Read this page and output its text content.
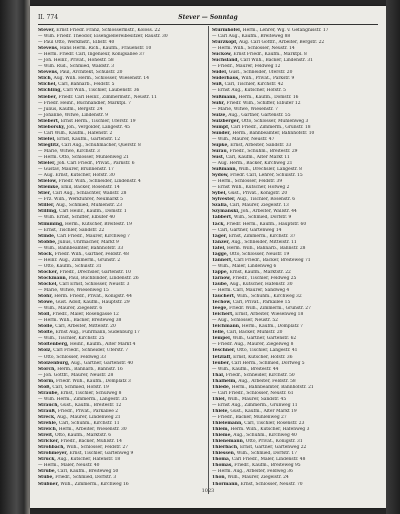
II. 774	Stever — Sonntag

Stever, Ernst Friedr. Franz, Schlossermstr., Koloss. 22

— Wilh. Friedr. Theodor, Eisengießereibesitzer, Raustr. 30

— Paul Otto, Werkmstr., Elbstr. 40

Stevens, Hans Herm. Rich., Kaufm., Frauenstr. 10

— Herm. Friedr. Carl, Ingenieur, Königsallee 37

— Joh. Heinr., Privat., Hohestr. 58

— Wilh. Rud., Schmied, Waldstr. 3

Stevens, Paul, Architekt, Schulstr. 20

Stich, Aug. Wilh. Herm., Schlosser, Wiesenstr. 14

Stichel, Carl, Bahnarb., Feldstr. 5

Stichling, Carl Wilh., Tischler, Laubenstr. 36

Stieber, Friedr. Carl Heinr., Zimmermstr., Neustr. 11

— Friedr. Heinr., Buchhändler, Marktpl. 7

— Julius, Kaufm., Bergstr. 24

— Johanne, Witwe, Lindenstr. 9

Stiebert, Ernst Herm., Tischler, Uferstr. 19

Stieborsky, Joh., Vergolder, Langestr. 45

— Carl Wilh., Kaufm., Hafenstr. 2

Stiefel, Ernst, Kaufm., Gartenstr. 12

Stieglitz, Carl Aug., Schuhmacher, Querstr. 8

— Marie, Witwe, Kirchstr. 3

— Herm. Otto, Schlosser, Mühlenweg 21

Stieler, Joh. Carl Friedr., Privat., Parkstr. 6

— Gustav, Maurer, Brunnenstr. 17

— Aug. Ernst, Kutscher, Hofstr. 30

Stielow, Friedr. Wilh., Schneider, Lindenstr. 4

Stiemke, Emil, Bäcker, Rosenstr. 14

Stier, Carl Aug., Schlachter, Wallstr. 28

— Frz. Wilh., Werkführer, Neumarkt 5

Stiller, Aug., Schmied, Mühlenstr. 23

Stilling, Carl Heinr., Kaufm., Domstr. 1

— Wilh. Ernst, Schiffer, Elbufer 40

Stimming, Herm., Kutscher, Breitestr. 19

— Ernst, Tischler, Sandstr. 22

Stinde, Carl Friedr., Maurer, Kirchweg 7

Stobbe, Julius, Uhrmacher, Markt 9

— Wilh., Bahnbeamter, Bahnhofstr. 33

Stock, Friedr. Wilh., Gärtner, Feldstr. 48

— Heinr. Aug., Zimmerm., Grünstr. 2

— Otto, Kaufm., Schulstr. 31

Stocker, Friedr., Drechsler, Gartenstr. 10

Stockmann, Paul, Buchbinder, Lindenstr. 26

Stöckel, Carl Ernst, Schlosser, Neustr. 3

— Marie, Witwe, Wiesenweg 15

Stöhr, Herm. Friedr., Privat., Königstr. 44

Stöwe, Gust. Adolf, Kaufm., Hauptstr. 29

— Wilh., Maurer, Ziegelstr. 6

Stoll, Friedr., Maler, Rosengasse 12

— Herm. Wilh., Bäcker, Breiteweg 38

Stolle, Carl, Arbeiter, Mittelstr. 20

Stolte, Ernst Aug., Fuhrmann, Sudenburg 17

— Wilh., Tischler, Kirchstr. 25

Stoltenberg, Heinr., Kaufm., Alter Markt 4

Stolz, Carl Friedr., Schneider, Uferstr. 7

— Otto, Schlosser, Feldweg 33

Stolzenburg, Aug., Gärtner, Gartenstr. 40

Storch, Herm., Bahnarb., Bahnstr. 16

— Joh. Gottfr., Maurer, Neustr. 28

Storm, Friedr. Wilh., Kaufm., Domplatz 3

Stoß, Carl, Schmied, Hofstr. 19

Straube, Ernst, Tischler, Schulweg 8

— Wilh. Herm., Zimmerm., Langestr. 35

Strauch, Gust., Kaufm., Breitestr. 12

Strauß, Friedr., Privat., Parkallee 2

Streck, Aug., Maurer, Lindenweg 21

Strehle, Carl, Schuhm., Kirchstr. 11

Streich, Herm., Arbeiter, Wiesenstr. 30

Streit, Otto, Kaufm., Marktstr. 6

Stricker, Friedr., Bäcker, Mühlstr. 14

Strohbach, Wilh., Schlosser, Feldstr. 27

Strohmeyer, Ernst, Tischler, Gartenweg 9

Struck, Aug., Kutscher, Hafenstr. 18

— Herm., Maler, Neustr. 40

Strube, Carl, Kaufm., Breiteweg 50

Stübe, Friedr., Schmied, Dorfstr. 3

Stübner, Wilh., Zimmerm., Kirchweg 16

Sturmhöfel, Herm., Lehrer, Wg. v. Gefängnisstr. 17

— Carl Aug., Kaufm., Breiteweg 88

Sturzkopf, Aug. Carl Gottfr., Arbeiter, Bergstr. 22

— Herm. Wilh., Schlosser, Neustr. 14

Suckow, Ernst Friedr., Kaufm., Marktpl. 8

Suchsland, Carl Wilh., Bäcker, Lindenstr. 31

— Friedr., Maurer, Feldweg 12

Südel, Gust., Schneider, Uferstr. 20

Süderhaus, Wilh., Privat., Parkstr. 9

Süß, Carl, Tischler, Kirchstr. 42

— Ernst Aug., Kutscher, Hofstr. 5

Süßmann, Herm., Kaufm., Domstr. 16

Suhr, Friedr. Wilh., Schiffer, Elbufer 12

— Marie, Witwe, Wiesenstr. 7

Sulze, Aug., Gärtner, Gartenstr. 55

Sulzberger, Otto, Schlosser, Mühlenweg 3

Sumpf, Carl Friedr., Zimmerm., Grünstr. 18

Sunder, Herm., Bahnbeamter, Bahnhofstr. 10

— Wilh., Maurer, Neustr. 47

Supke, Ernst, Arbeiter, Sandstr. 33

Surau, Friedr., Schuhm., Breitestr. 29

Sust, Carl, Kaufm., Alter Markt 11

— Aug. Herm., Bäcker, Kirchweg 21

Sußmann, Wilh., Drechsler, Langestr. 8

Sydow, Friedr. Carl, Lehrer, Schulstr. 15

— Herm., Schlosser, Feldstr. 39

— Ernst Wilh., Kutscher, Hofweg 2

Sybel, Gust., Privat., Königstr. 20

Sylvester, Aug., Tischler, Rosenstr. 6

Szalla, Carl, Maurer, Ziegelstr. 13

Szymanski, Joh., Arbeiter, Wallstr. 44

Tabbert, Wilh., Schmied, Dorfstr. 9

Tack, Friedr. Herm., Kaufm., Hauptstr. 60

— Carl, Gärtner, Gartenweg 14

Täger, Ernst, Zimmerm., Kirchstr. 37

Tänzer, Aug., Schneider, Mittelstr. 11

Tafel, Herm. Wilh., Bahnarb., Bahnstr. 28

Tagge, Otto, Schlosser, Neustr. 19

Tannert, Carl Friedr., Bäcker, Breiteweg 71

— Wilh., Maler, Lindenweg 6

Tappe, Ernst, Kaufm., Marktstr. 22

Tarnow, Friedr., Tischler, Feldweg 25

Taube, Aug., Kutscher, Hafenstr. 30

— Herm. Carl, Maurer, Sandweg 4

Tauchert, Wilh., Schuhm., Kirchweg 32

Techow, Carl, Privat., Parkallee 15

Teege, Friedr. Wilh., Zimmerm., Grünstr. 27

Teichert, Ernst, Arbeiter, Wiesenweg 18

— Aug., Schlosser, Neustr. 52

Teichmann, Herm., Kaufm., Domplatz 7

Telle, Carl, Bäcker, Mühlstr. 20

Tempel, Wilh., Gärtner, Gartenstr. 62

— Friedr. Aug., Maurer, Ziegelweg 8

Teschner, Otto, Tischler, Langestr. 41

Tetzlaff, Ernst, Kutscher, Hofstr. 36

Teuber, Carl Herm., Schmied, Dorfweg 5

— Wilh., Kaufm., Breitestr. 44

Thal, Friedr., Schneider, Kirchstr. 50

Thalheim, Aug., Arbeiter, Feldstr. 58

Thiede, Herm., Bahnbeamter, Bahnhofstr. 21

— Carl Friedr., Schlosser, Neustr. 61

Thiel, Wilh., Maurer, Sandstr. 45

— Ernst Aug., Zimmerm., Grünweg 11

Thiele, Gust., Kaufm., Alter Markt 19

— Friedr., Bäcker, Mühlenweg 27

Thielemann, Carl, Tischler, Rosenstr. 23

Thiem, Herm. Wilh., Kutscher, Hafenweg 3

Thieme, Aug., Schuhm., Kirchweg 40

Thienemann, Otto, Privat., Königstr. 31

Thierbach, Ernst, Gärtner, Gartenweg 22

Thiessen, Wilh., Schmied, Dorfstr. 17

Thoma, Carl Friedr., Maler, Lindenstr. 48

Thomas, Friedr., Kaufm., Breiteweg 95

— Herm. Aug., Arbeiter, Feldweg 36

Thon, Wilh., Maurer, Ziegelstr. 24

Thormann, Ernst, Schlosser, Neustr. 70

1023
